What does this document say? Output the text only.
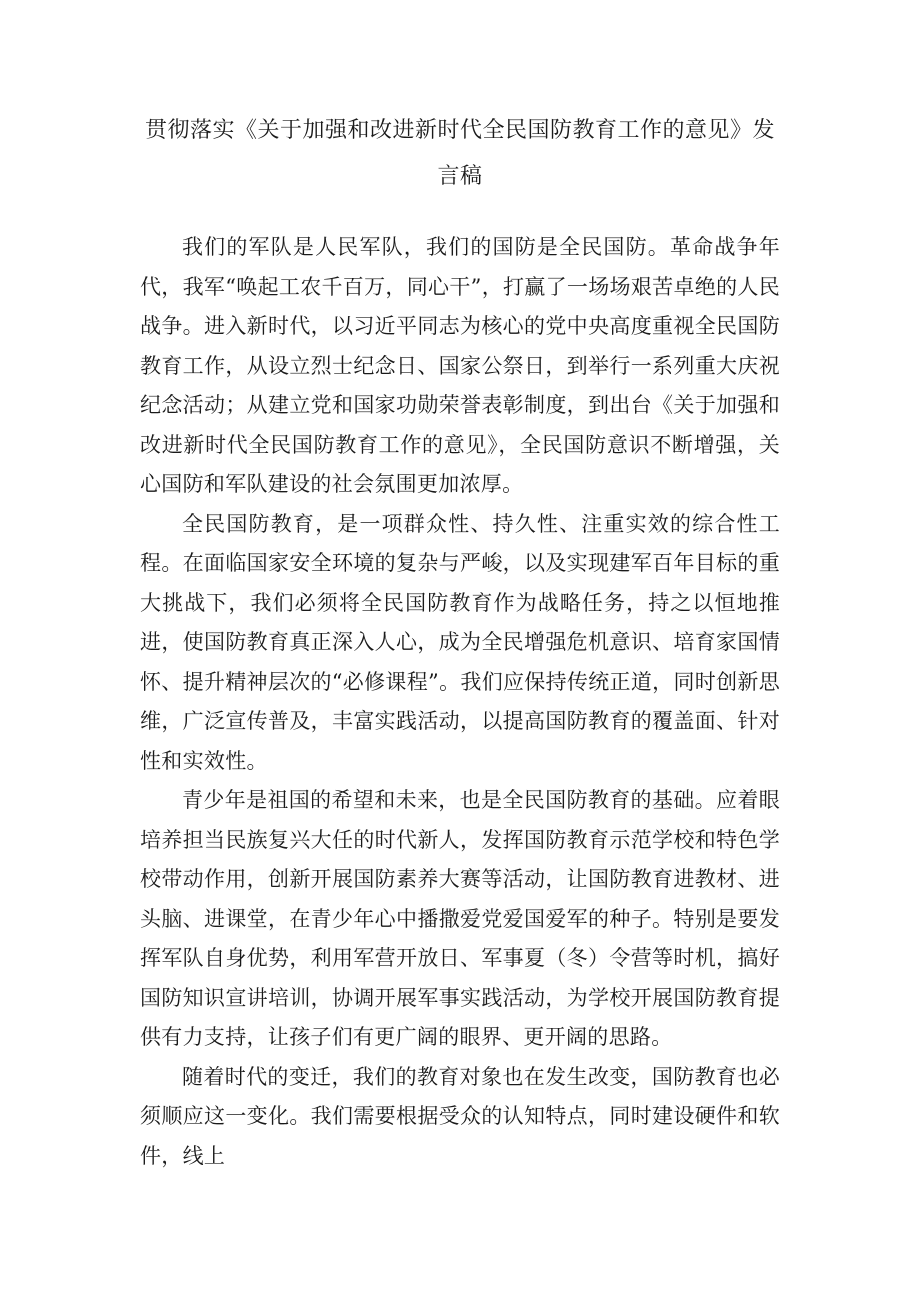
贯彻落实《关于加强和改进新时代全民国防教育工作的意见》发言稿

我们的军队是人民军队，我们的国防是全民国防。革命战争年代，我军“唤起工农千百万，同心干”，打赢了一场场艰苦卓绝的人民战争。进入新时代，以习近平同志为核心的党中央高度重视全民国防教育工作，从设立烈士纪念日、国家公祭日，到举行一系列重大庆祝纪念活动；从建立党和国家功勋荣誉表彰制度，到出台《关于加强和改进新时代全民国防教育工作的意见》，全民国防意识不断增强，关心国防和军队建设的社会氛围更加浓厚。

全民国防教育，是一项群众性、持久性、注重实效的综合性工程。在面临国家安全环境的复杂与严峻，以及实现建军百年目标的重大挑战下，我们必须将全民国防教育作为战略任务，持之以恒地推进，使国防教育真正深入人心，成为全民增强危机意识、培育家国情怀、提升精神层次的“必修课程”。我们应保持传统正道，同时创新思维，广泛宣传普及，丰富实践活动，以提高国防教育的覆盖面、针对性和实效性。

青少年是祖国的希望和未来，也是全民国防教育的基础。应着眼培养担当民族复兴大任的时代新人，发挥国防教育示范学校和特色学校带动作用，创新开展国防素养大赛等活动，让国防教育进教材、进头脑、进课堂，在青少年心中播撒爱党爱国爱军的种子。特别是要发挥军队自身优势，利用军营开放日、军事夏（冬）令营等时机，搞好国防知识宣讲培训，协调开展军事实践活动，为学校开展国防教育提供有力支持，让孩子们有更广阔的眼界、更开阔的思路。

随着时代的变迁，我们的教育对象也在发生改变，国防教育也必须顺应这一变化。我们需要根据受众的认知特点，同时建设硬件和软件，线上
